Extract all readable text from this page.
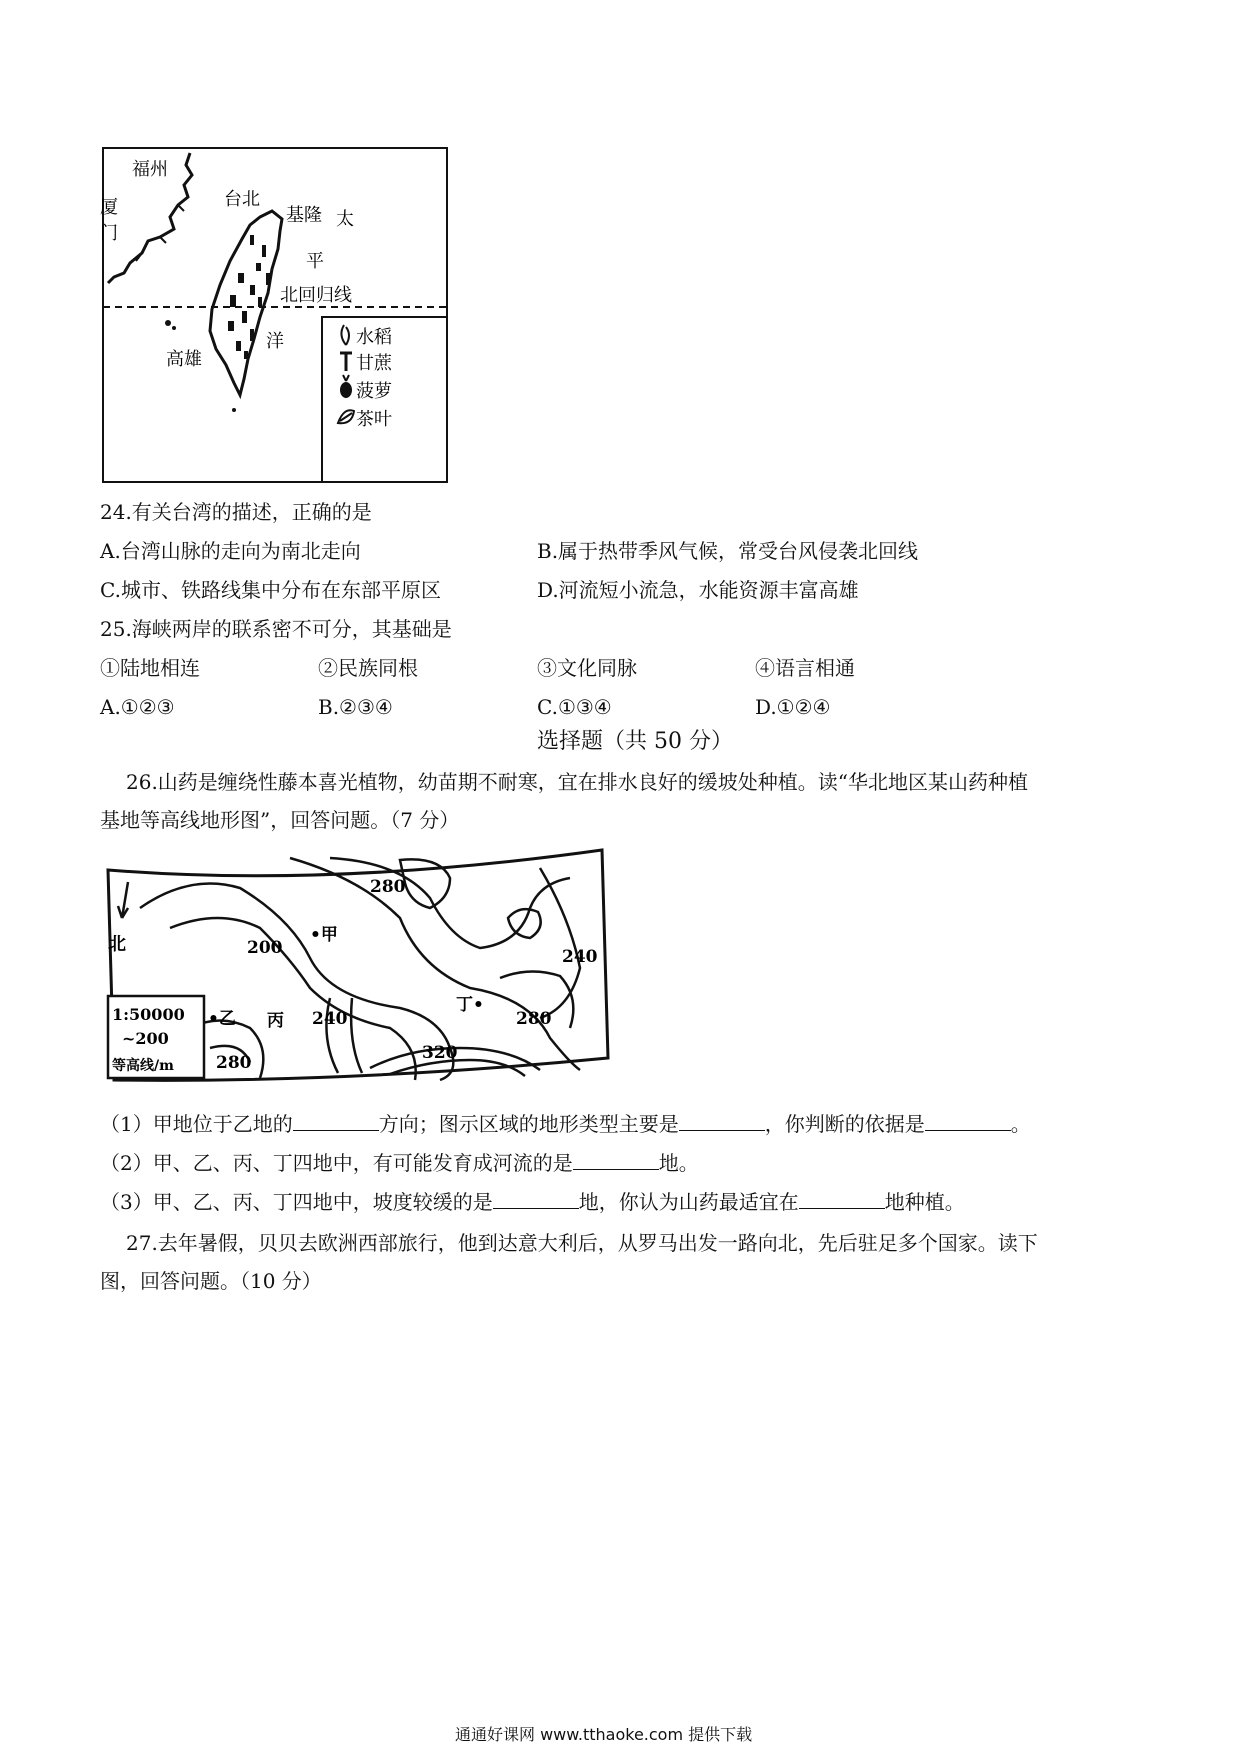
福州
厦
门
台北
基隆 太
平
北回归线
洋
高雄
水稻
甘蔗
菠萝
茶叶
24.有关台湾的描述，正确的是
A.台湾山脉的走向为南北走向	B.属于热带季风气候，常受台风侵袭北回线
C.城市、铁路线集中分布在东部平原区	D.河流短小流急，水能资源丰富高雄
25.海峡两岸的联系密不可分，其基础是
①陆地相连	②民族同根	③文化同脉	④语言相通
A.①②③	B.②③④	C.①③④	D.①②④
选择题（共 50 分）
26.山药是缠绕性藤本喜光植物，幼苗期不耐寒，宜在排水良好的缓坡处种植。读“华北地区某山药种植
基地等高线地形图”，回答问题。（7 分）
北	200
280
•甲
240
丙 240
丁•
280
320
•乙
280
1:50000
~200
等高线/m
（1）甲地位于乙地的	方向；图示区域的地形类型主要是	，你判断的依据是	。
（2）甲、乙、丙、丁四地中，有可能发育成河流的是	地。
（3）甲、乙、丙、丁四地中，坡度较缓的是	地，你认为山药最适宜在	地种植。
27.去年暑假，贝贝去欧洲西部旅行，他到达意大利后，从罗马出发一路向北，先后驻足多个国家。读下
图，回答问题。（10 分）
通通好课网 www.tthaoke.com 提供下载
